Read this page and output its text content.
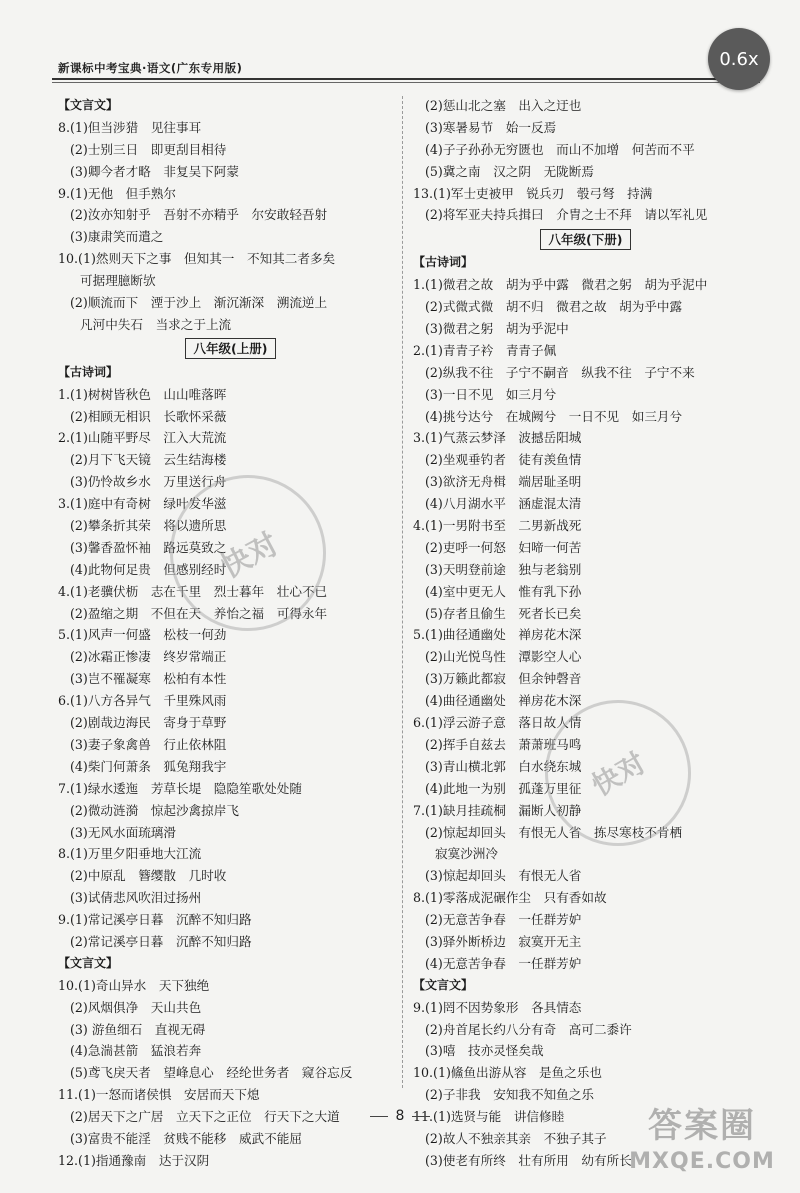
新课标中考宝典·语文(广东专用版)
【文言文】
8.(1)但当涉猎　见往事耳
(2)士别三日　即更刮目相待
(3)卿今者才略　非复吴下阿蒙
9.(1)无他　但手熟尔
(2)汝亦知射乎　吾射不亦精乎　尔安敢轻吾射
(3)康肃笑而遣之
10.(1)然则天下之事　但知其一　不知其二者多矣
可据理臆断欤
(2)顺流而下　湮于沙上　渐沉渐深　溯流逆上
凡河中失石　当求之于上流
八年级(上册)
【古诗词】
1.(1)树树皆秋色　山山唯落晖
(2)相顾无相识　长歌怀采薇
2.(1)山随平野尽　江入大荒流
(2)月下飞天镜　云生结海楼
(3)仍怜故乡水　万里送行舟
3.(1)庭中有奇树　绿叶发华滋
(2)攀条折其荣　将以遗所思
(3)馨香盈怀袖　路远莫致之
(4)此物何足贵　但感别经时
4.(1)老骥伏枥　志在千里　烈士暮年　壮心不已
(2)盈缩之期　不但在天　养怡之福　可得永年
5.(1)风声一何盛　松枝一何劲
(2)冰霜正惨凄　终岁常端正
(3)岂不罹凝寒　松柏有本性
6.(1)八方各异气　千里殊风雨
(2)剧哉边海民　寄身于草野
(3)妻子象禽兽　行止依林阻
(4)柴门何萧条　狐兔翔我宇
7.(1)绿水逶迤　芳草长堤　隐隐笙歌处处随
(2)微动涟漪　惊起沙禽掠岸飞
(3)无风水面琉璃滑
8.(1)万里夕阳垂地大江流
(2)中原乱　簪缨散　几时收
(3)试倩悲风吹泪过扬州
9.(1)常记溪亭日暮　沉醉不知归路
(2)常记溪亭日暮　沉醉不知归路
【文言文】
10.(1)奇山异水　天下独绝
(2)风烟俱净　天山共色
(3) 游鱼细石　直视无碍
(4)急湍甚箭　猛浪若奔
(5)鸢飞戾天者　望峰息心　经纶世务者　窥谷忘反
11.(1)一怒而诸侯惧　安居而天下熄
(2)居天下之广居　立天下之正位　行天下之大道
(3)富贵不能淫　贫贱不能移　威武不能屈
12.(1)指通豫南　达于汉阴
(2)惩山北之塞　出入之迂也
(3)寒暑易节　始一反焉
(4)子子孙孙无穷匮也　而山不加增　何苦而不平
(5)冀之南　汉之阴　无陇断焉
13.(1)军士吏被甲　锐兵刃　彀弓弩　持满
(2)将军亚夫持兵揖曰　介胄之士不拜　请以军礼见
八年级(下册)
【古诗词】
1.(1)微君之故　胡为乎中露　微君之躬　胡为乎泥中
(2)式微式微　胡不归　微君之故　胡为乎中露
(3)微君之躬　胡为乎泥中
2.(1)青青子衿　青青子佩
(2)纵我不往　子宁不嗣音　纵我不往　子宁不来
(3)一日不见　如三月兮
(4)挑兮达兮　在城阙兮　一日不见　如三月兮
3.(1)气蒸云梦泽　波撼岳阳城
(2)坐观垂钓者　徒有羡鱼情
(3)欲济无舟楫　端居耻圣明
(4)八月湖水平　涵虚混太清
4.(1)一男附书至　二男新战死
(2)吏呼一何怒　妇啼一何苦
(3)天明登前途　独与老翁别
(4)室中更无人　惟有乳下孙
(5)存者且偷生　死者长已矣
5.(1)曲径通幽处　禅房花木深
(2)山光悦鸟性　潭影空人心
(3)万籁此都寂　但余钟磬音
(4)曲径通幽处　禅房花木深
6.(1)浮云游子意　落日故人情
(2)挥手自兹去　萧萧班马鸣
(3)青山横北郭　白水绕东城
(4)此地一为别　孤蓬万里征
7.(1)缺月挂疏桐　漏断人初静
(2)惊起却回头　有恨无人省　拣尽寒枝不肯栖
寂寞沙洲冷
(3)惊起却回头　有恨无人省
8.(1)零落成泥碾作尘　只有香如故
(2)无意苦争春　一任群芳妒
(3)驿外断桥边　寂寞开无主
(4)无意苦争春　一任群芳妒
【文言文】
9.(1)罔不因势象形　各具情态
(2)舟首尾长约八分有奇　高可二黍许
(3)嘻　技亦灵怪矣哉
10.(1)鯈鱼出游从容　是鱼之乐也
(2)子非我　安知我不知鱼之乐
11.(1)选贤与能　讲信修睦
(2)故人不独亲其亲　不独子其子
(3)使老有所终　壮有所用　幼有所长
8
快对
快对
答案圈
MXQE.COM
0.6x
